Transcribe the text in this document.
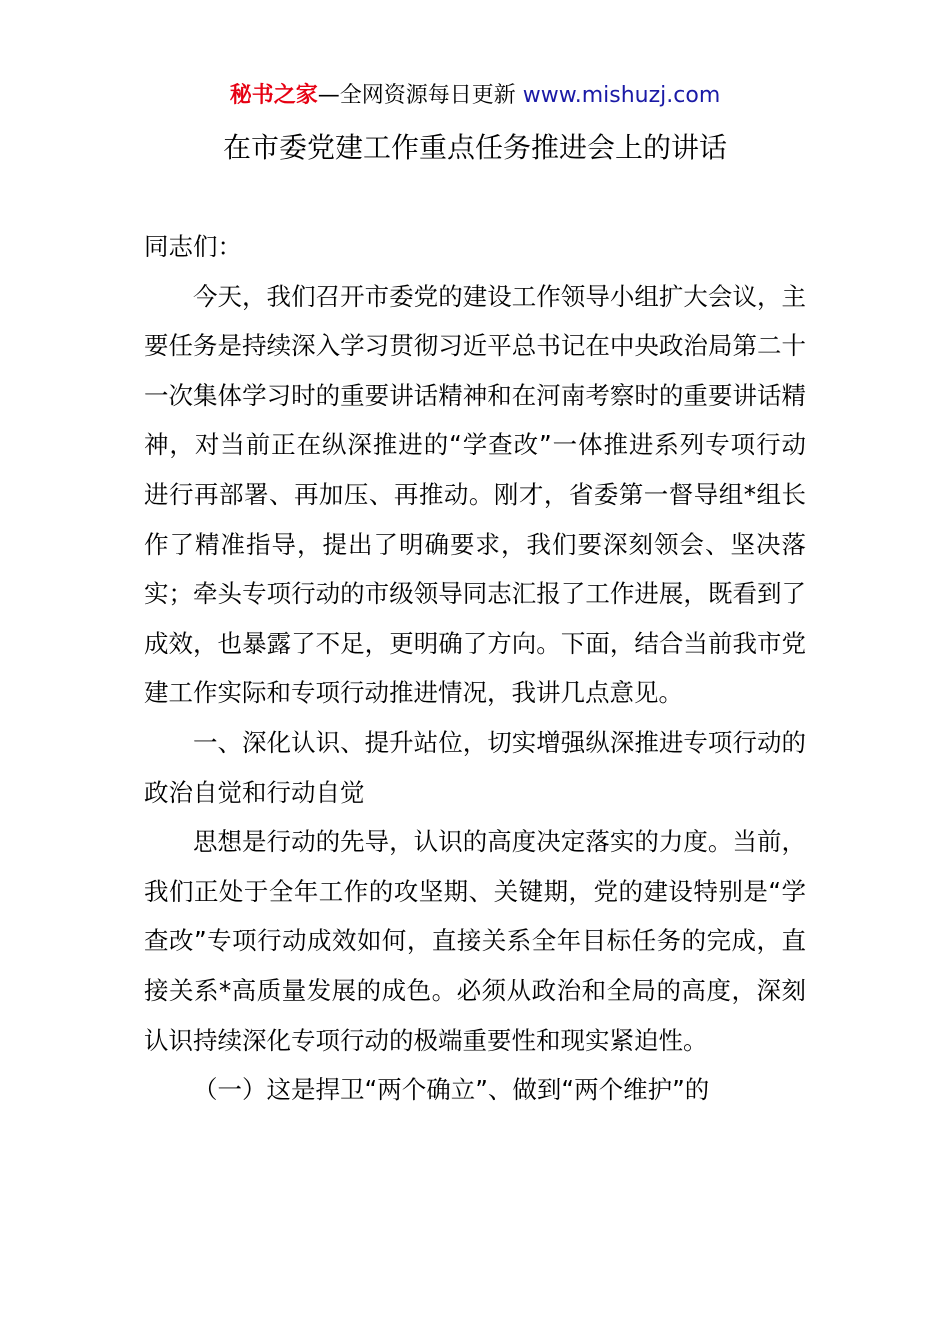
秘书之家—全网资源每日更新 www.mishuzj.com
在市委党建工作重点任务推进会上的讲话

同志们：

今天，我们召开市委党的建设工作领导小组扩大会议，主要任务是持续深入学习贯彻习近平总书记在中央政治局第二十一次集体学习时的重要讲话精神和在河南考察时的重要讲话精神，对当前正在纵深推进的“学查改”一体推进系列专项行动进行再部署、再加压、再推动。刚才，省委第一督导组*组长作了精准指导，提出了明确要求，我们要深刻领会、坚决落实；牵头专项行动的市级领导同志汇报了工作进展，既看到了成效，也暴露了不足，更明确了方向。下面，结合当前我市党建工作实际和专项行动推进情况，我讲几点意见。

一、深化认识、提升站位，切实增强纵深推进专项行动的政治自觉和行动自觉

思想是行动的先导，认识的高度决定落实的力度。当前，我们正处于全年工作的攻坚期、关键期，党的建设特别是“学查改”专项行动成效如何，直接关系全年目标任务的完成，直接关系*高质量发展的成色。必须从政治和全局的高度，深刻认识持续深化专项行动的极端重要性和现实紧迫性。

（一）这是捍卫“两个确立”、做到“两个维护”的
